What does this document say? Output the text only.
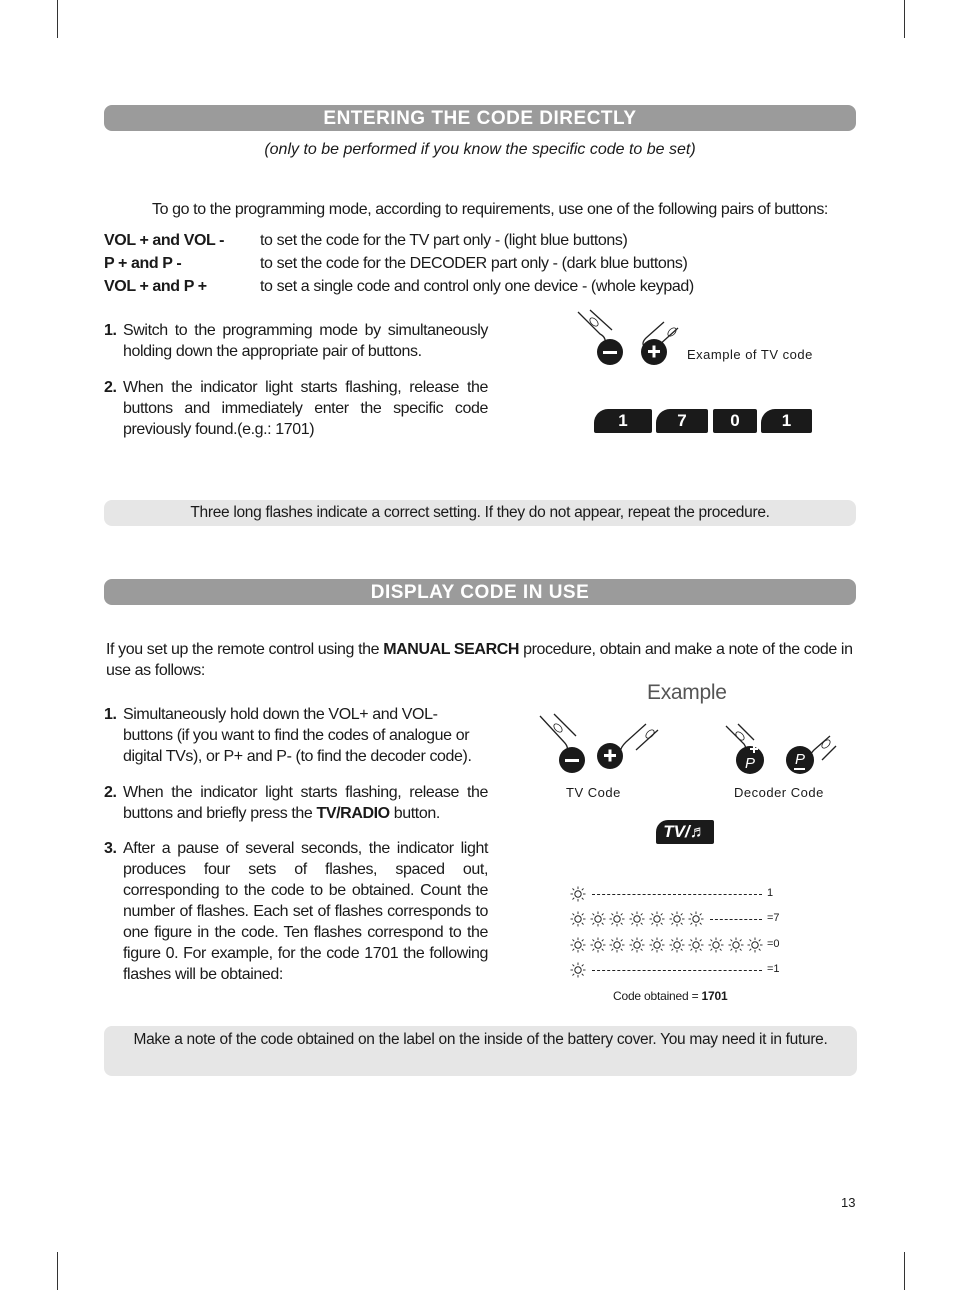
ENTERING THE CODE DIRECTLY
(only to be performed if you know the specific code to be set)
To go to the programming mode, according to requirements, use one of the following pairs of buttons:
VOL + and VOL - to set the code for the TV part only - (light blue buttons)
P + and P -	to set the code for the DECODER part only - (dark blue buttons)
VOL + and P +	to set a single code and control only one device - (whole keypad)
1. Switch to the programming mode by simultaneously holding down the appropriate pair of buttons.
2. When the indicator light starts flashing, release the buttons and immediately enter the specific code previously found.(e.g.: 1701)
Example of TV code
1	7	0	1
Three long flashes indicate a correct setting. If they do not appear, repeat the procedure.
DISPLAY CODE IN USE
If you set up the remote control using the MANUAL SEARCH procedure, obtain and make a note of the code in use as follows:
Example
1. Simultaneously hold down the VOL+ and VOL- buttons (if you want to find the codes of analogue or digital TVs), or P+ and P- (to find the decoder code).
2. When the indicator light starts flashing, release the buttons and briefly press the TV/RADIO button.
3. After a pause of several seconds, the indicator light produces four sets of flashes, spaced out, corresponding to the code to be obtained. Count the number of flashes. Each set of flashes corresponds to one figure in the code. Ten flashes correspond to the figure 0. For example, for the code 1701 the following flashes will be obtained:
P	P
TV Code	Decoder Code
TV/♬
1
=7
=0
=1
Code obtained = 1701
Make a note of the code obtained on the label on the inside of the battery cover. You may need it in future.
13
